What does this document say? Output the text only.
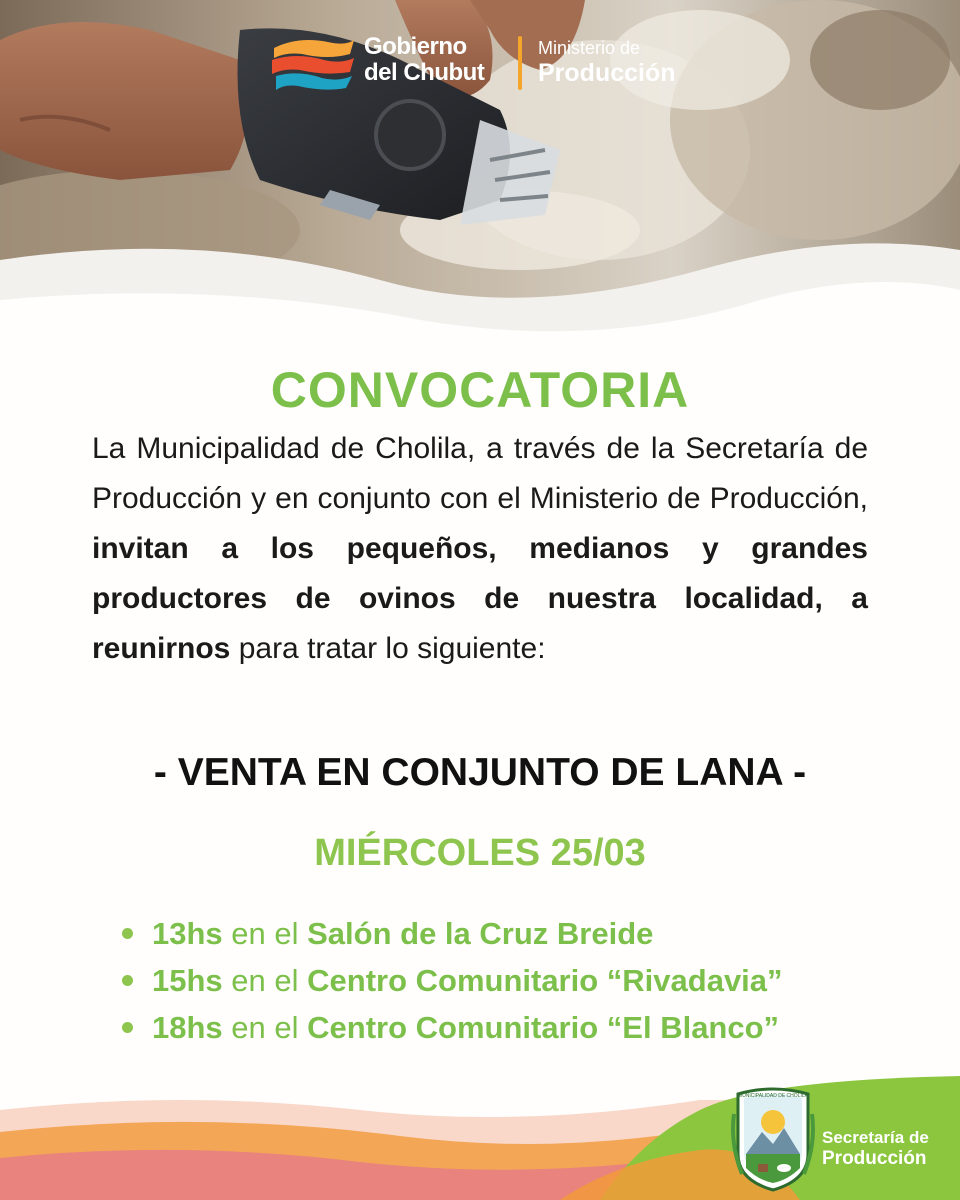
Gobierno
del Chubut
Ministerio de
Producción
CONVOCATORIA
La Municipalidad de Cholila, a través de la Secretaría de Producción y en conjunto con el Ministerio de Producción, invitan a los pequeños, medianos y grandes productores de ovinos de nuestra localidad, a reunirnos para tratar lo siguiente:
- VENTA EN CONJUNTO DE LANA -
MIÉRCOLES 25/03
13hs en el Salón de la Cruz Breide
15hs en el Centro Comunitario “Rivadavia”
18hs en el Centro Comunitario “El Blanco”
MUNICIPALIDAD DE CHOLILA
Secretaría de
Producción
